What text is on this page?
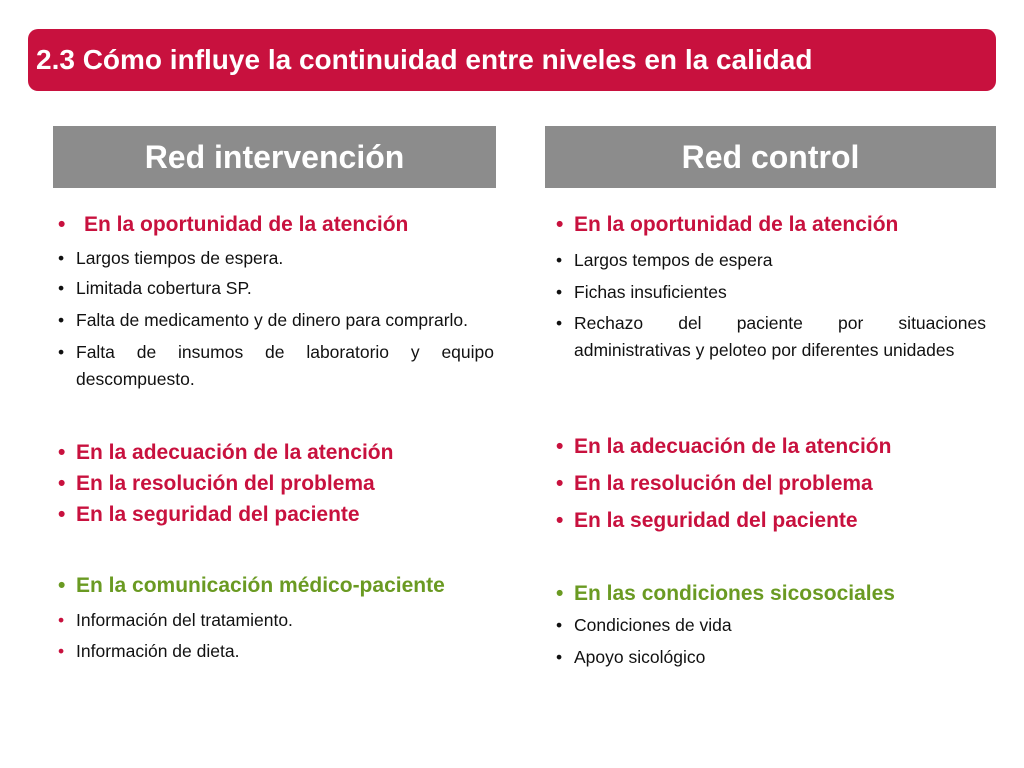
2.3 Cómo influye la continuidad entre niveles en la calidad
Red intervención	Red control
• En la oportunidad de la atención
• Largos tiempos de espera.
• Limitada cobertura SP.
• Falta de medicamento y de dinero para comprarlo.
• Falta de insumos de laboratorio y equipo descompuesto.
• En la adecuación de la atención
• En la resolución del problema
• En la seguridad del paciente
• En la comunicación médico-paciente
• Información del tratamiento.
• Información de dieta.
• En la oportunidad de la atención
• Largos tempos de espera
• Fichas insuficientes
• Rechazo del paciente por situaciones administrativas y peloteo por diferentes unidades
• En la adecuación de la atención
• En la resolución del problema
• En la seguridad del paciente
• En las condiciones sicosociales
• Condiciones de vida
• Apoyo sicológico
